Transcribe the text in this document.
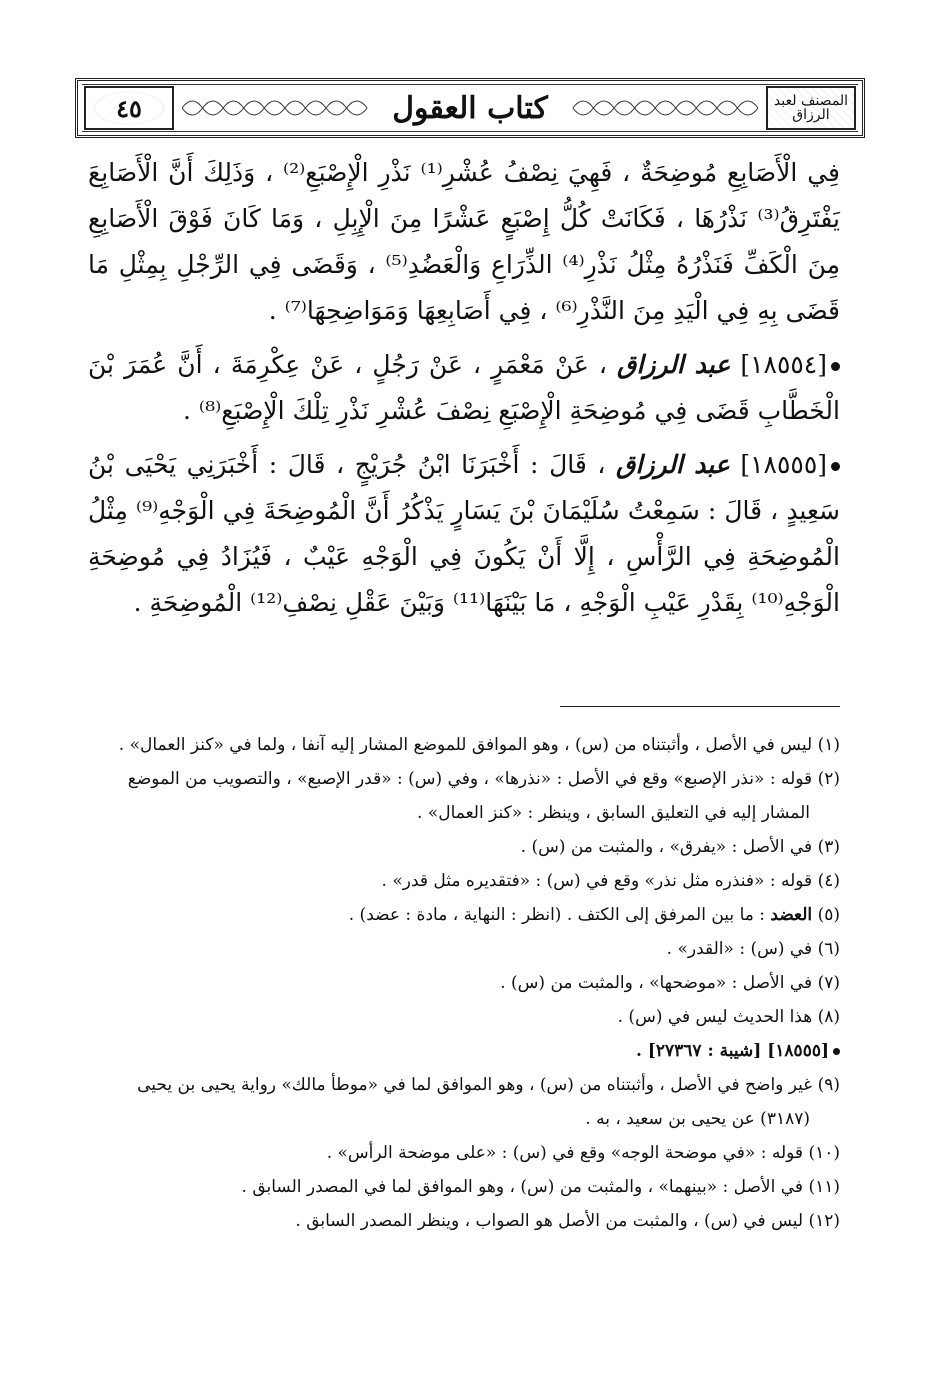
٤٥	كتاب العقول	المصنف لعبد الرزاق

فِي الْأَصَابِعِ مُوضِحَةٌ ، فَهِيَ نِصْفُ عُشْرِ⁽¹⁾ نَذْرِ الْإِصْبَعِ⁽²⁾ ، وَذَلِكَ أَنَّ الْأَصَابِعَ يَفْتَرِقُ⁽³⁾ نَذْرُهَا ، فَكَانَتْ كُلُّ إِصْبَعٍ عَشْرًا مِنَ الْإِبِلِ ، وَمَا كَانَ فَوْقَ الْأَصَابِعِ مِنَ الْكَفِّ فَنَذْرُهُ مِثْلُ نَذْرِ⁽⁴⁾ الذِّرَاعِ وَالْعَضُدِ⁽⁵⁾ ، وَقَضَى فِي الرِّجْلِ بِمِثْلِ مَا قَضَى بِهِ فِي الْيَدِ مِنَ النَّذْرِ⁽⁶⁾ ، فِي أَصَابِعِهَا وَمَوَاضِحِهَا⁽⁷⁾ .

[١٨٥٥٤] عبد الرزاق ، عَنْ مَعْمَرٍ ، عَنْ رَجُلٍ ، عَنْ عِكْرِمَةَ ، أَنَّ عُمَرَ بْنَ الْخَطَّابِ قَضَى فِي مُوضِحَةِ الْإِصْبَعِ نِصْفَ عُشْرِ نَذْرِ تِلْكَ الْإِصْبَعِ⁽⁸⁾ .

[١٨٥٥٥] عبد الرزاق ، قَالَ : أَخْبَرَنَا ابْنُ جُرَيْجٍ ، قَالَ : أَخْبَرَنِي يَحْيَى بْنُ سَعِيدٍ ، قَالَ : سَمِعْتُ سُلَيْمَانَ بْنَ يَسَارٍ يَذْكُرُ أَنَّ الْمُوضِحَةَ فِي الْوَجْهِ⁽⁹⁾ مِثْلُ الْمُوضِحَةِ فِي الرَّأْسِ ، إِلَّا أَنْ يَكُونَ فِي الْوَجْهِ عَيْبٌ ، فَيُزَادُ فِي مُوضِحَةِ الْوَجْهِ⁽¹⁰⁾ بِقَدْرِ عَيْبِ الْوَجْهِ ، مَا بَيْنَهَا⁽¹¹⁾ وَبَيْنَ عَقْلِ نِصْفِ⁽¹²⁾ الْمُوضِحَةِ .

(١) ليس في الأصل ، وأثبتناه من (س) ، وهو الموافق للموضع المشار إليه آنفا ، ولما في «كنز العمال» .

(٢) قوله : «نذر الإصبع» وقع في الأصل : «نذرها» ، وفي (س) : «قدر الإصبع» ، والتصويب من الموضع
المشار إليه في التعليق السابق ، وينظر : «كنز العمال» .

(٣) في الأصل : «يفرق» ، والمثبت من (س) .

(٤) قوله : «فنذره مثل نذر» وقع في (س) : «فتقديره مثل قدر» .

(٥) العضد : ما بين المرفق إلى الكتف . (انظر : النهاية ، مادة : عضد) .

(٦) في (س) : «القدر» .

(٧) في الأصل : «موضحها» ، والمثبت من (س) .

(٨) هذا الحديث ليس في (س) .

[١٨٥٥٥] [شيبة : ٢٧٣٦٧] .

(٩) غير واضح في الأصل ، وأثبتناه من (س) ، وهو الموافق لما في «موطأ مالك» رواية يحيى بن يحيى
(٣١٨٧) عن يحيى بن سعيد ، به .

(١٠) قوله : «في موضحة الوجه» وقع في (س) : «على موضحة الرأس» .

(١١) في الأصل : «بينهما» ، والمثبت من (س) ، وهو الموافق لما في المصدر السابق .

(١٢) ليس في (س) ، والمثبت من الأصل هو الصواب ، وينظر المصدر السابق .
